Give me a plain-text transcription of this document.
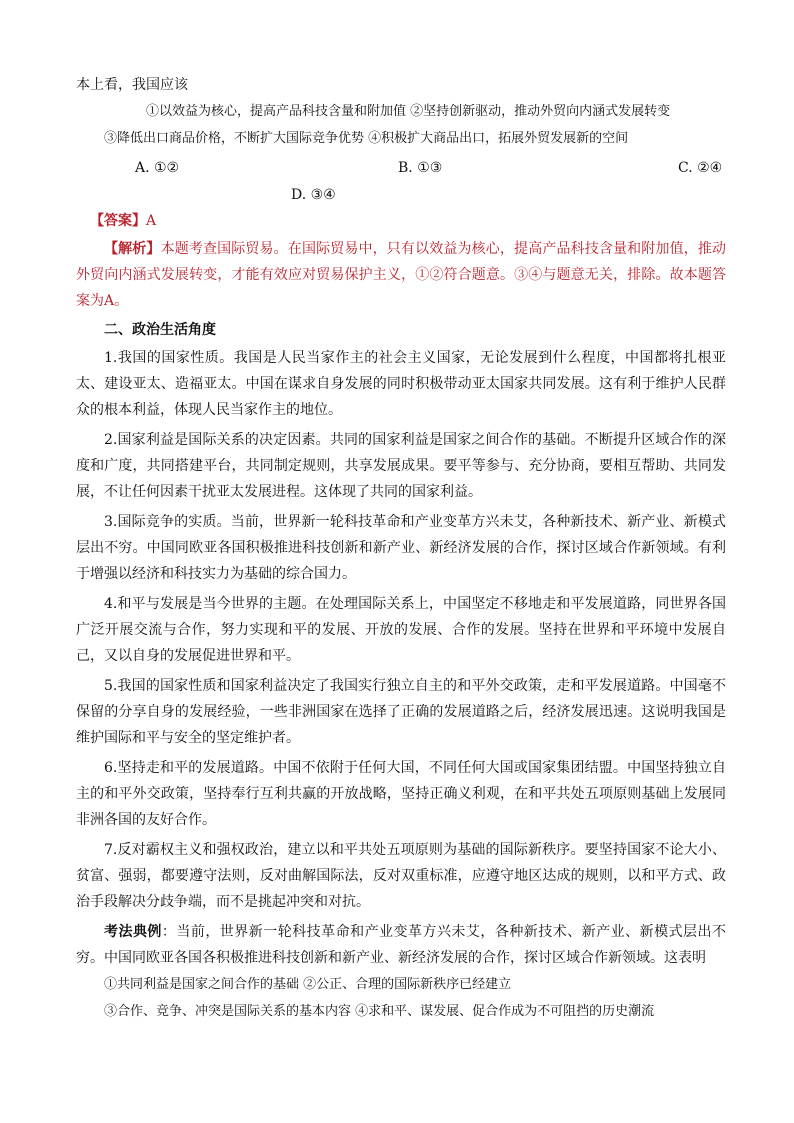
本上看，我国应该
①以效益为核心，提高产品科技含量和附加值 ②坚持创新驱动，推动外贸向内涵式发展转变
③降低出口商品价格，不断扩大国际竞争优势 ④积极扩大商品出口，拓展外贸发展新的空间
A. ①②	B. ①③	C. ②④
D. ③④
【答案】A
【解析】本题考查国际贸易。在国际贸易中，只有以效益为核心，提高产品科技含量和附加值，推动外贸向内涵式发展转变，才能有效应对贸易保护主义，①②符合题意。③④与题意无关，排除。故本题答案为A。
二、政治生活角度
1.我国的国家性质。我国是人民当家作主的社会主义国家，无论发展到什么程度，中国都将扎根亚太、建设亚太、造福亚太。中国在谋求自身发展的同时积极带动亚太国家共同发展。这有利于维护人民群众的根本利益，体现人民当家作主的地位。
2.国家利益是国际关系的决定因素。共同的国家利益是国家之间合作的基础。不断提升区域合作的深度和广度，共同搭建平台，共同制定规则，共享发展成果。要平等参与、充分协商，要相互帮助、共同发展，不让任何因素干扰亚太发展进程。这体现了共同的国家利益。
3.国际竞争的实质。当前，世界新一轮科技革命和产业变革方兴未艾，各种新技术、新产业、新模式层出不穷。中国同欧亚各国积极推进科技创新和新产业、新经济发展的合作，探讨区域合作新领域。有利于增强以经济和科技实力为基础的综合国力。
4.和平与发展是当今世界的主题。在处理国际关系上，中国坚定不移地走和平发展道路，同世界各国广泛开展交流与合作，努力实现和平的发展、开放的发展、合作的发展。坚持在世界和平环境中发展自己，又以自身的发展促进世界和平。
5.我国的国家性质和国家利益决定了我国实行独立自主的和平外交政策，走和平发展道路。中国毫不保留的分享自身的发展经验，一些非洲国家在选择了正确的发展道路之后，经济发展迅速。这说明我国是维护国际和平与安全的坚定维护者。
6.坚持走和平的发展道路。中国不依附于任何大国，不同任何大国或国家集团结盟。中国坚持独立自主的和平外交政策，坚持奉行互利共赢的开放战略，坚持正确义利观，在和平共处五项原则基础上发展同非洲各国的友好合作。
7.反对霸权主义和强权政治，建立以和平共处五项原则为基础的国际新秩序。要坚持国家不论大小、贫富、强弱，都要遵守法则，反对曲解国际法，反对双重标准，应遵守地区达成的规则，以和平方式、政治手段解决分歧争端，而不是挑起冲突和对抗。
考法典例：当前，世界新一轮科技革命和产业变革方兴未艾，各种新技术、新产业、新模式层出不穷。中国同欧亚各国各积极推进科技创新和新产业、新经济发展的合作，探讨区域合作新领域。这表明
①共同利益是国家之间合作的基础 ②公正、合理的国际新秩序已经建立
③合作、竞争、冲突是国际关系的基本内容 ④求和平、谋发展、促合作成为不可阻挡的历史潮流
